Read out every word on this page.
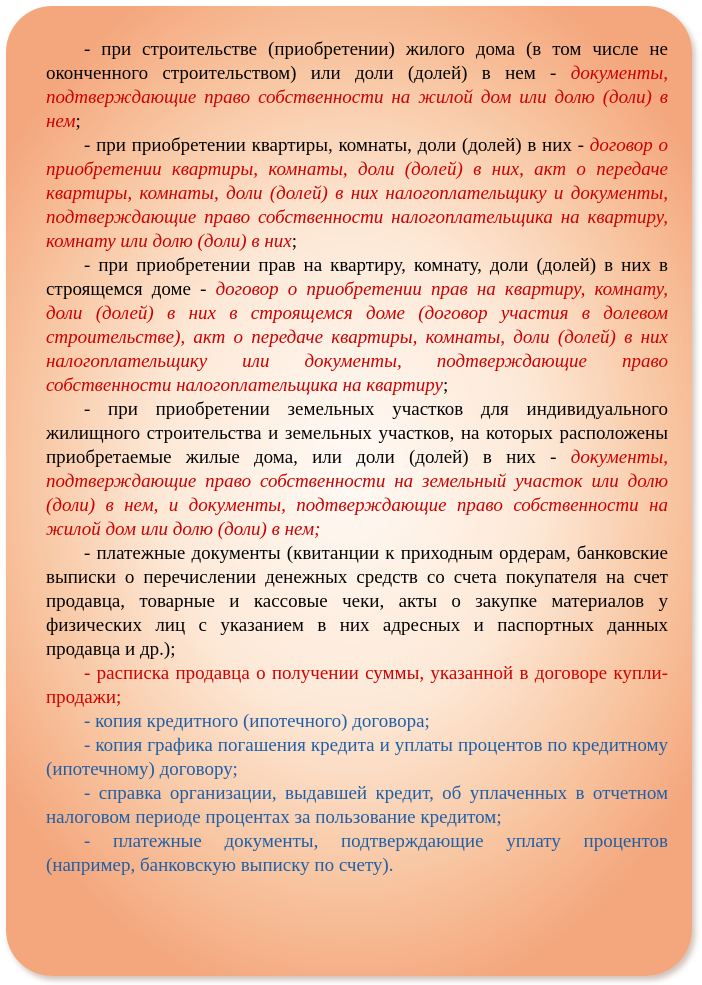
- при строительстве (приобретении) жилого дома (в том числе не оконченного строительством) или доли (долей) в нем - документы, подтверждающие право собственности на жилой дом или долю (доли) в нем;

- при приобретении квартиры, комнаты, доли (долей) в них - договор о приобретении квартиры, комнаты, доли (долей) в них, акт о передаче квартиры, комнаты, доли (долей) в них налогоплательщику и документы, подтверждающие право собственности налогоплательщика на квартиру, комнату или долю (доли) в них;

- при приобретении прав на квартиру, комнату, доли (долей) в них в строящемся доме - договор о приобретении прав на квартиру, комнату, доли (долей) в них в строящемся доме (договор участия в долевом строительстве), акт о передаче квартиры, комнаты, доли (долей) в них налогоплательщику или документы, подтверждающие право собственности налогоплательщика на квартиру;

- при приобретении земельных участков для индивидуального жилищного строительства и земельных участков, на которых расположены приобретаемые жилые дома, или доли (долей) в них - документы, подтверждающие право собственности на земельный участок или долю (доли) в нем, и документы, подтверждающие право собственности на жилой дом или долю (доли) в нем;

- платежные документы (квитанции к приходным ордерам, банковские выписки о перечислении денежных средств со счета покупателя на счет продавца, товарные и кассовые чеки, акты о закупке материалов у физических лиц с указанием в них адресных и паспортных данных продавца и др.);

- расписка продавца о получении суммы, указанной в договоре купли-продажи;

- копия кредитного (ипотечного) договора;

- копия графика погашения кредита и уплаты процентов по кредитному (ипотечному) договору;

- справка организации, выдавшей кредит, об уплаченных в отчетном налоговом периоде процентах за пользование кредитом;

- платежные документы, подтверждающие уплату процентов (например, банковскую выписку по счету).
